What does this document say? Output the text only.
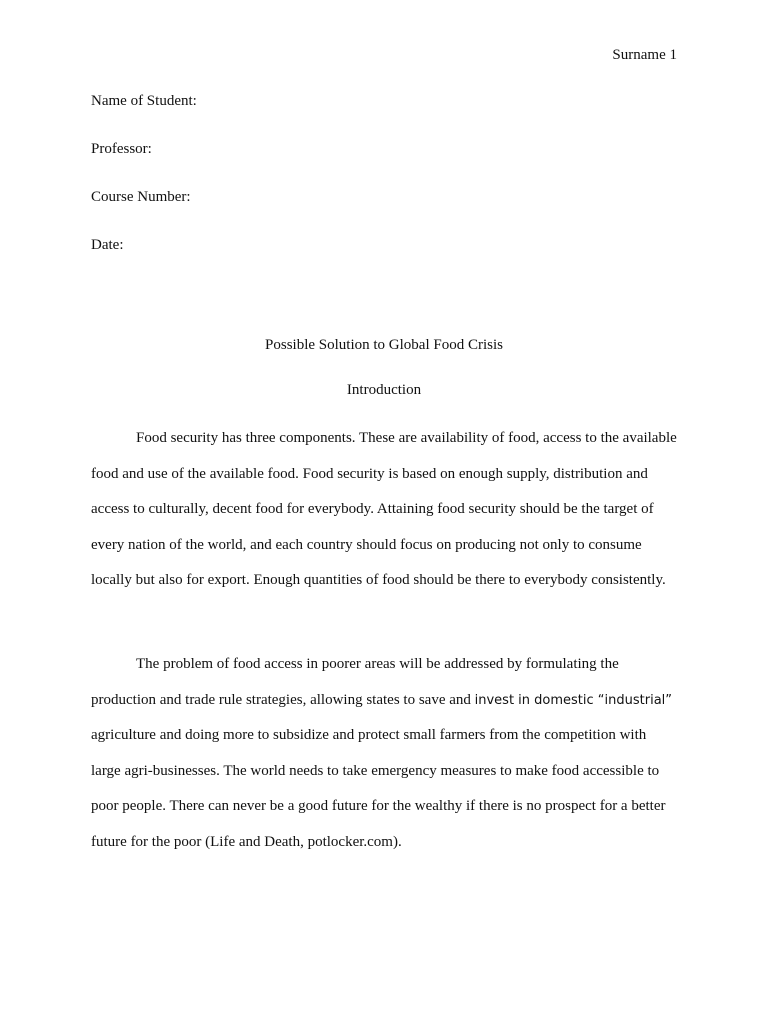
Surname 1
Name of Student:
Professor:
Course Number:
Date:
Possible Solution to Global Food Crisis
Introduction

Food security has three components. These are availability of food, access to the available food and use of the available food. Food security is based on enough supply, distribution and access to culturally, decent food for everybody. Attaining food security should be the target of every nation of the world, and each country should focus on producing not only to consume locally but also for export. Enough quantities of food should be there to everybody consistently.

The problem of food access in poorer areas will be addressed by formulating the production and trade rule strategies, allowing states to save and invest in domestic “industrial” agriculture and doing more to subsidize and protect small farmers from the competition with large agri-businesses. The world needs to take emergency measures to make food accessible to poor people. There can never be a good future for the wealthy if there is no prospect for a better future for the poor (Life and Death, potlocker.com).
